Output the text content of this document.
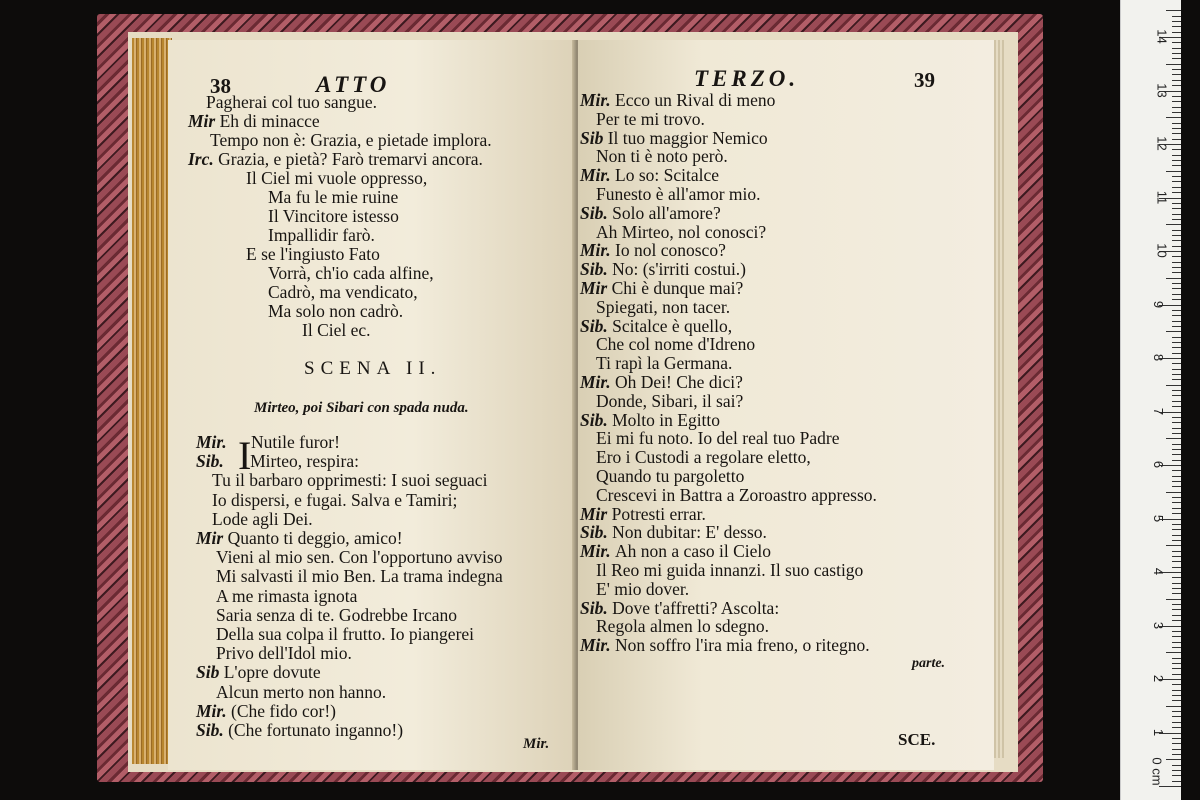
38	ATTO
Pagherai col tuo sangue.
Mir Eh di minacce
Tempo non è: Grazia, e pietade implora.
Irc. Grazia, e pietà? Farò tremarvi ancora.
Il Ciel mi vuole oppresso,
Ma fu le mie ruine
Il Vincitore istesso
Impallidir farò.
E se l'ingiusto Fato
Vorrà, ch'io cada alfine,
Cadrò, ma vendicato,
Ma solo non cadrò.
Il Ciel ec.
SCENA II.
Mirteo, poi Sibari con spada nuda.
I
Mir. Nutile furor!
Sib. Mirteo, respira:
Tu il barbaro opprimesti: I suoi seguaci
Io dispersi, e fugai. Salva e Tamiri;
Lode agli Dei.
Mir Quanto ti deggio, amico!
Vieni al mio sen. Con l'opportuno avviso
Mi salvasti il mio Ben. La trama indegna
A me rimasta ignota
Saria senza di te. Godrebbe Ircano
Della sua colpa il frutto. Io piangerei
Privo dell'Idol mio.
Sib L'opre dovute
Alcun merto non hanno.
Mir. (Che fido cor!)
Sib. (Che fortunato inganno!)
Mir.
TERZO.	39
Mir. Ecco un Rival di meno
Per te mi trovo.
Sib Il tuo maggior Nemico
Non ti è noto però.
Mir. Lo so: Scitalce
Funesto è all'amor mio.
Sib. Solo all'amore?
Ah Mirteo, nol conosci?
Mir. Io nol conosco?
Sib. No: (s'irriti costui.)
Mir Chi è dunque mai?
Spiegati, non tacer.
Sib. Scitalce è quello,
Che col nome d'Idreno
Ti rapì la Germana.
Mir. Oh Dei! Che dici?
Donde, Sibari, il sai?
Sib. Molto in Egitto
Ei mi fu noto. Io del real tuo Padre
Ero i Custodi a regolare eletto,
Quando tu pargoletto
Crescevi in Battra a Zoroastro appresso.
Mir Potresti errar.
Sib. Non dubitar: E' desso.
Mir. Ah non a caso il Cielo
Il Reo mi guida innanzi. Il suo castigo
E' mio dover.
Sib. Dove t'affretti? Ascolta:
Regola almen lo sdegno.
Mir. Non soffro l'ira mia freno, o ritegno.
parte.
SCE.
0 cm
1
2
3
4
5
6
7
8
9
10
11
12
13
14
